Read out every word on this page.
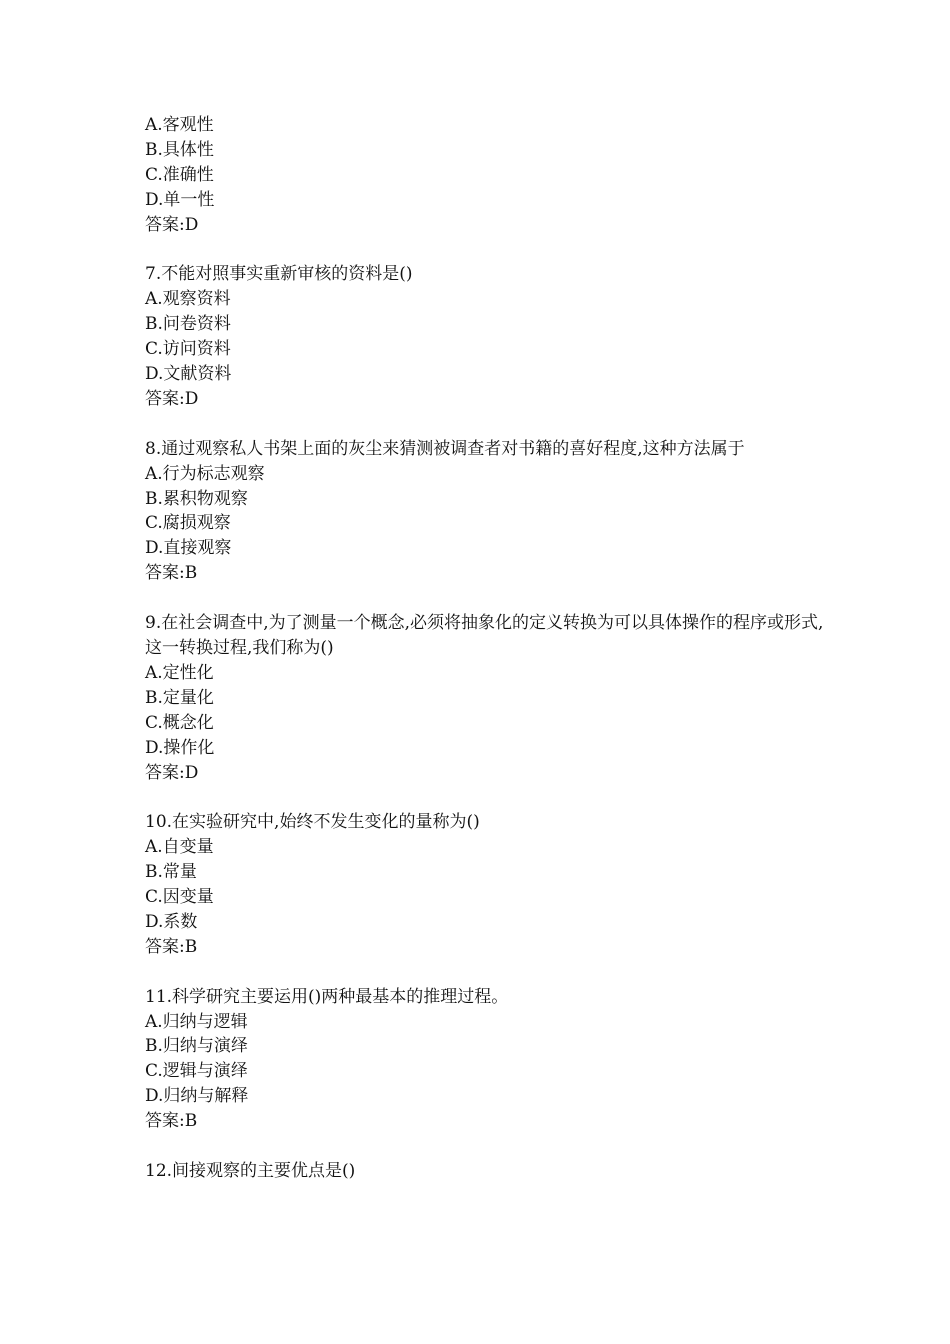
A.客观性

B.具体性

C.准确性

D.单一性

答案:D

7.不能对照事实重新审核的资料是()

A.观察资料

B.问卷资料

C.访问资料

D.文献资料

答案:D

8.通过观察私人书架上面的灰尘来猜测被调查者对书籍的喜好程度,这种方法属于

A.行为标志观察

B.累积物观察

C.腐损观察

D.直接观察

答案:B

9.在社会调查中,为了测量一个概念,必须将抽象化的定义转换为可以具体操作的程序或形式,这一转换过程,我们称为()

A.定性化

B.定量化

C.概念化

D.操作化

答案:D

10.在实验研究中,始终不发生变化的量称为()

A.自变量

B.常量

C.因变量

D.系数

答案:B

11.科学研究主要运用()两种最基本的推理过程。

A.归纳与逻辑

B.归纳与演绎

C.逻辑与演绎

D.归纳与解释

答案:B

12.间接观察的主要优点是()
